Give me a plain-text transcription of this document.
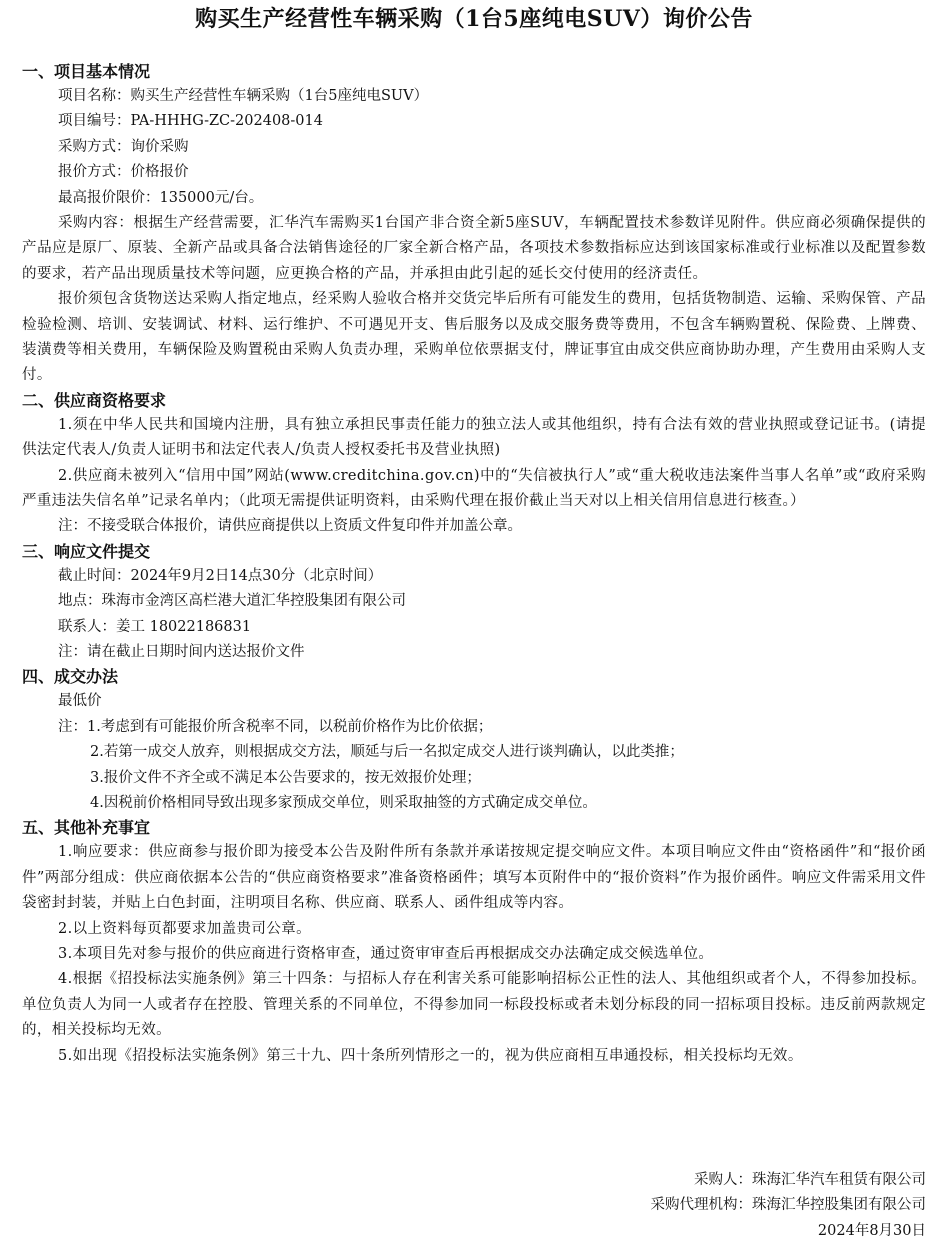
购买生产经营性车辆采购（1台5座纯电SUV）询价公告
一、项目基本情况
项目名称：购买生产经营性车辆采购（1台5座纯电SUV）
项目编号：PA-HHHG-ZC-202408-014
采购方式：询价采购
报价方式：价格报价
最高报价限价：135000元/台。

采购内容：根据生产经营需要，汇华汽车需购买1台国产非合资全新5座SUV，车辆配置技术参数详见附件。供应商必须确保提供的产品应是原厂、原装、全新产品或具备合法销售途径的厂家全新合格产品，各项技术参数指标应达到该国家标准或行业标准以及配置参数的要求，若产品出现质量技术等问题，应更换合格的产品，并承担由此引起的延长交付使用的经济责任。

报价须包含货物送达采购人指定地点，经采购人验收合格并交货完毕后所有可能发生的费用，包括货物制造、运输、采购保管、产品检验检测、培训、安装调试、材料、运行维护、不可遇见开支、售后服务以及成交服务费等费用，不包含车辆购置税、保险费、上牌费、装潢费等相关费用，车辆保险及购置税由采购人负责办理，采购单位依票据支付，牌证事宜由成交供应商协助办理，产生费用由采购人支付。

二、供应商资格要求

1.须在中华人民共和国境内注册，具有独立承担民事责任能力的独立法人或其他组织，持有合法有效的营业执照或登记证书。(请提供法定代表人/负责人证明书和法定代表人/负责人授权委托书及营业执照)

2.供应商未被列入“信用中国”网站(www.creditchina.gov.cn)中的“失信被执行人”或“重大税收违法案件当事人名单”或“政府采购严重违法失信名单”记录名单内；（此项无需提供证明资料，由采购代理在报价截止当天对以上相关信用信息进行核查。）

注：不接受联合体报价，请供应商提供以上资质文件复印件并加盖公章。
三、响应文件提交
截止时间：2024年9月2日14点30分（北京时间）
地点：珠海市金湾区高栏港大道汇华控股集团有限公司
联系人：姜工 18022186831
注：请在截止日期时间内送达报价文件
四、成交办法
最低价
注：1.考虑到有可能报价所含税率不同，以税前价格作为比价依据；
2.若第一成交人放弃，则根据成交方法，顺延与后一名拟定成交人进行谈判确认，以此类推；
3.报价文件不齐全或不满足本公告要求的，按无效报价处理；
4.因税前价格相同导致出现多家预成交单位，则采取抽签的方式确定成交单位。
五、其他补充事宜

1.响应要求：供应商参与报价即为接受本公告及附件所有条款并承诺按规定提交响应文件。本项目响应文件由“资格函件”和“报价函件”两部分组成：供应商依据本公告的“供应商资格要求”准备资格函件；填写本页附件中的“报价资料”作为报价函件。响应文件需采用文件袋密封封装，并贴上白色封面，注明项目名称、供应商、联系人、函件组成等内容。

2.以上资料每页都要求加盖贵司公章。

3.本项目先对参与报价的供应商进行资格审查，通过资审审查后再根据成交办法确定成交候选单位。

4.根据《招投标法实施条例》第三十四条：与招标人存在利害关系可能影响招标公正性的法人、其他组织或者个人，不得参加投标。单位负责人为同一人或者存在控股、管理关系的不同单位，不得参加同一标段投标或者未划分标段的同一招标项目投标。违反前两款规定的，相关投标均无效。

5.如出现《招投标法实施条例》第三十九、四十条所列情形之一的，视为供应商相互串通投标，相关投标均无效。

采购人：珠海汇华汽车租赁有限公司
采购代理机构：珠海汇华控股集团有限公司
2024年8月30日
